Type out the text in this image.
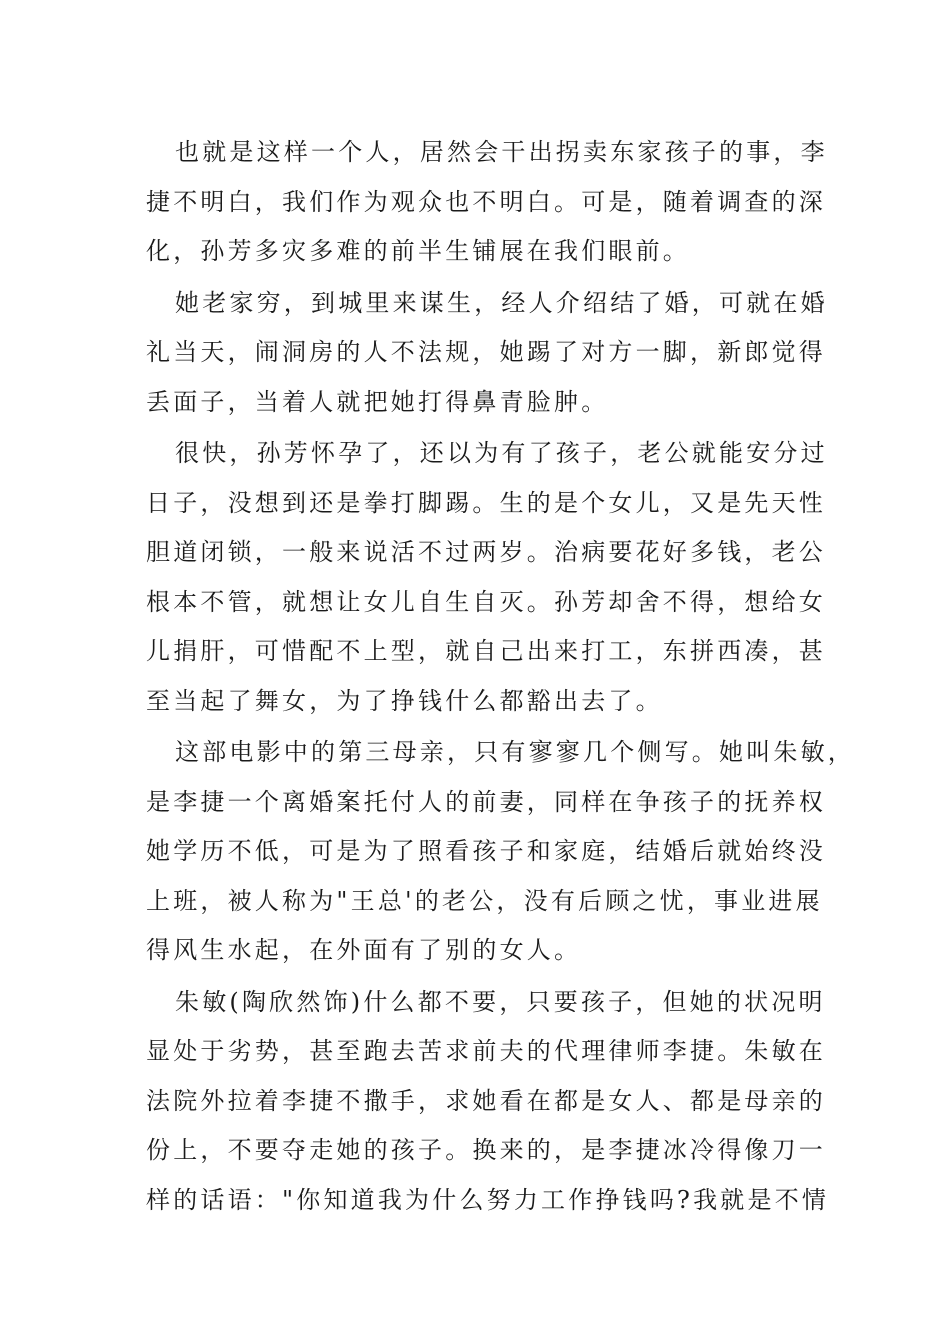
也就是这样一个人，居然会干出拐卖东家孩子的事，李
捷不明白，我们作为观众也不明白。可是，随着调查的深
化，孙芳多灾多难的前半生铺展在我们眼前。
她老家穷，到城里来谋生，经人介绍结了婚，可就在婚
礼当天，闹洞房的人不法规，她踢了对方一脚，新郎觉得
丢面子，当着人就把她打得鼻青脸肿。
很快，孙芳怀孕了，还以为有了孩子，老公就能安分过
日子，没想到还是拳打脚踢。生的是个女儿，又是先天性
胆道闭锁，一般来说活不过两岁。治病要花好多钱，老公
根本不管，就想让女儿自生自灭。孙芳却舍不得，想给女
儿捐肝，可惜配不上型，就自己出来打工，东拼西凑，甚
至当起了舞女，为了挣钱什么都豁出去了。
这部电影中的第三母亲，只有寥寥几个侧写。她叫朱敏，
是李捷一个离婚案托付人的前妻，同样在争孩子的抚养权
她学历不低，可是为了照看孩子和家庭，结婚后就始终没
上班，被人称为"王总'的老公，没有后顾之忧，事业进展
得风生水起，在外面有了别的女人。
朱敏(陶欣然饰)什么都不要，只要孩子，但她的状况明
显处于劣势，甚至跑去苦求前夫的代理律师李捷。朱敏在
法院外拉着李捷不撒手，求她看在都是女人、都是母亲的
份上，不要夺走她的孩子。换来的，是李捷冰冷得像刀一
样的话语："你知道我为什么努力工作挣钱吗?我就是不情
